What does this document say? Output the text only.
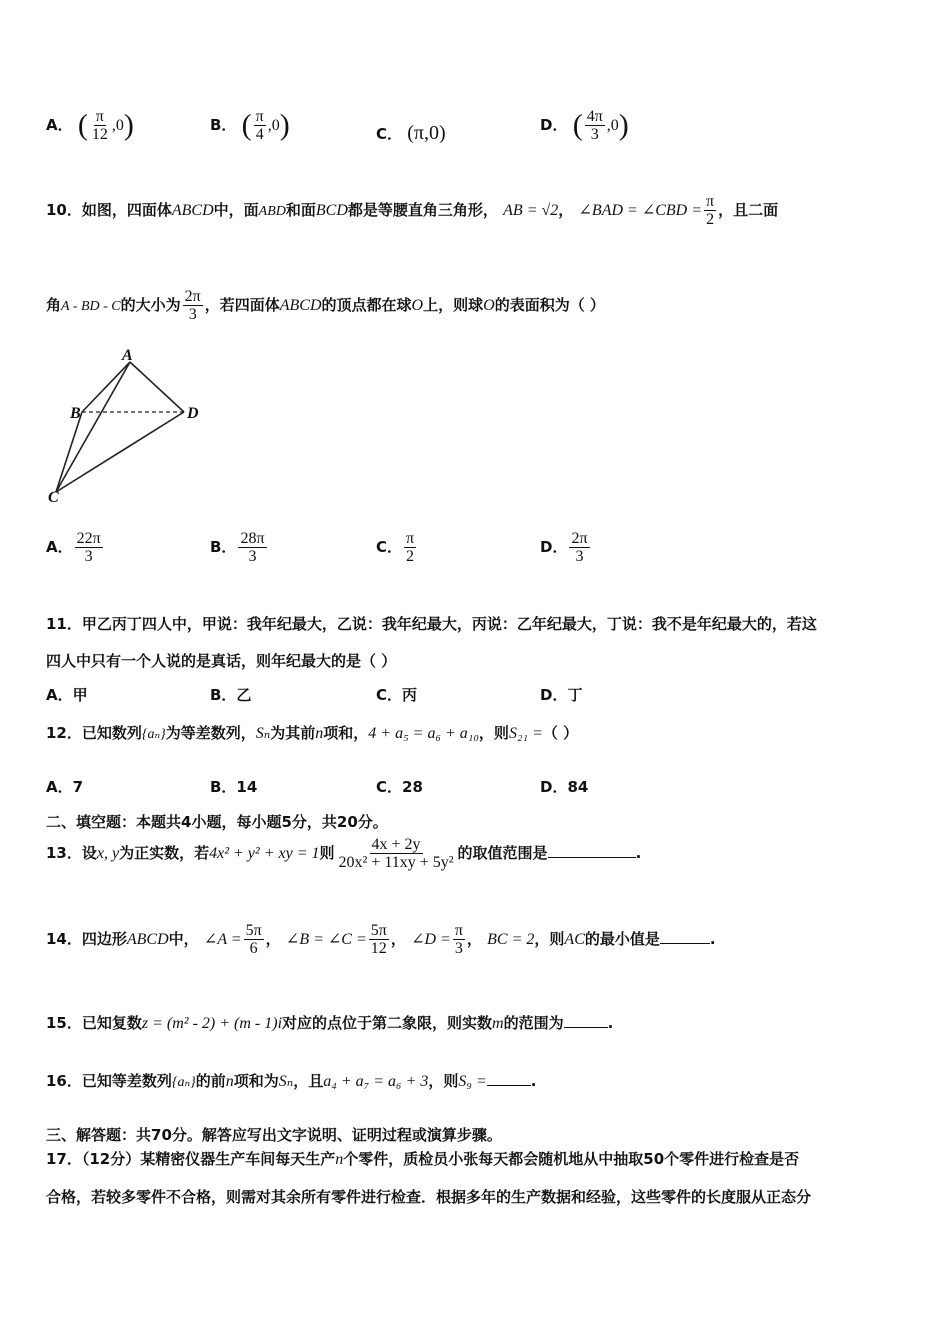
A． ( $\frac{\pi}{12} ,0$)	B． ( $\frac{\pi}{4} ,0$)	C． (π,0)	D． ( $\frac{4\pi}{3} ,0$)
10．如图，四面体ABCD中，面ABD和面BCD都是等腰直角三角形， AB = √2， ∠BAD = ∠CBD = $\frac{\pi}{2}$ ，且二面
角A - BD - C的大小为 $\frac{2\pi}{3}$ ，若四面体ABCD的顶点都在球O上，则球O的表面积为（ ）
A
B
C
D
A． $\frac{22\pi}{3}$	B． $\frac{28\pi}{3}$	C． $\frac{\pi}{2}$	D． $\frac{2\pi}{3}$
11．甲乙丙丁四人中，甲说：我年纪最大，乙说：我年纪最大，丙说：乙年纪最大，丁说：我不是年纪最大的，若这
四人中只有一个人说的是真话，则年纪最大的是（ ）
A．甲	B．乙	C．丙	D．丁
12．已知数列{aₙ}为等差数列，Sₙ为其前n项和，4 + a₅ = a₆ + a₁₀，则S₂₁ =（ ）
A．7	B．14	C．28	D．84
二、填空题：本题共4小题，每小题5分，共20分。
13．设x, y为正实数，若4x² + y² + xy = 1则 $\frac{4x + 2y}{\text{20x² + 11xy + 5y²}}$ 的取值范围是	.
14．四边形ABCD中， ∠A = $\frac{5\pi}{6}$ ， ∠B = ∠C = $\frac{5\pi}{12}$ ， ∠D = $\frac{\pi}{3}$ ， BC = 2，则AC的最小值是	.
15．已知复数z = (m² - 2) + (m - 1)i对应的点位于第二象限，则实数m的范围为	.
16．已知等差数列{aₙ}的前n项和为Sₙ，且a₄ + a₇ = a₆ + 3，则S₉ =	.
三、解答题：共70分。解答应写出文字说明、证明过程或演算步骤。
17．（12分）某精密仪器生产车间每天生产n个零件，质检员小张每天都会随机地从中抽取50个零件进行检查是否
合格，若较多零件不合格，则需对其余所有零件进行检查．根据多年的生产数据和经验，这些零件的长度服从正态分
